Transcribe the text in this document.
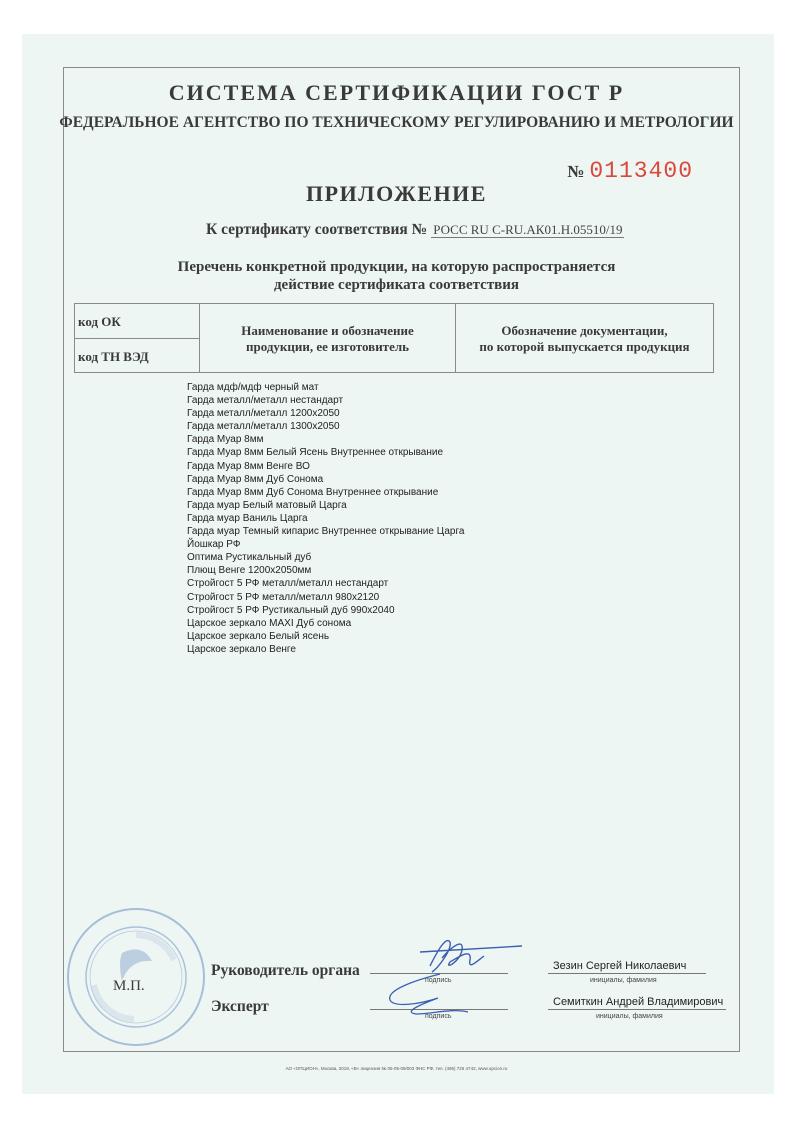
СИСТЕМА СЕРТИФИКАЦИИ ГОСТ Р
ФЕДЕРАЛЬНОЕ АГЕНТСТВО ПО ТЕХНИЧЕСКОМУ РЕГУЛИРОВАНИЮ И МЕТРОЛОГИИ
№ 0113400
ПРИЛОЖЕНИЕ
К сертификату соответствия № РОСС RU С-RU.АК01.Н.05510/19
Перечень конкретной продукции, на которую распространяется
действие сертификата соответствия
код ОК
код ТН ВЭД
Наименование и обозначение
продукции, ее изготовитель
Обозначение документации,
по которой выпускается продукция
Гарда мдф/мдф черный мат
Гарда металл/металл нестандарт
Гарда металл/металл 1200x2050
Гарда металл/металл 1300x2050
Гарда Муар 8мм
Гарда Муар 8мм Белый Ясень Внутреннее открывание
Гарда Муар 8мм Венге ВО
Гарда Муар 8мм Дуб Сонома
Гарда Муар 8мм Дуб Сонома Внутреннее открывание
Гарда муар Белый матовый Царга
Гарда муар Ваниль Царга
Гарда муар Темный кипарис Внутреннее открывание Царга
Йошкар РФ
Оптима Рустикальный дуб
Плющ Венге 1200x2050мм
Стройгост 5 РФ металл/металл нестандарт
Стройгост 5 РФ металл/металл 980x2120
Стройгост 5 РФ Рустикальный дуб 990x2040
Царское зеркало MAXI Дуб сонома
Царское зеркало Белый ясень
Царское зеркало Венге
М.П.
Руководитель органа
подпись
Зезин Сергей Николаевич
инициалы, фамилия
Эксперт
подпись
Семиткин Андрей Владимирович
инициалы, фамилия
АО «ОПЦИОН», Москва, 2019, «В» лицензия № 05-05-09/003 ФНС РФ, тел. (495) 726 4742, www.opcion.ru
